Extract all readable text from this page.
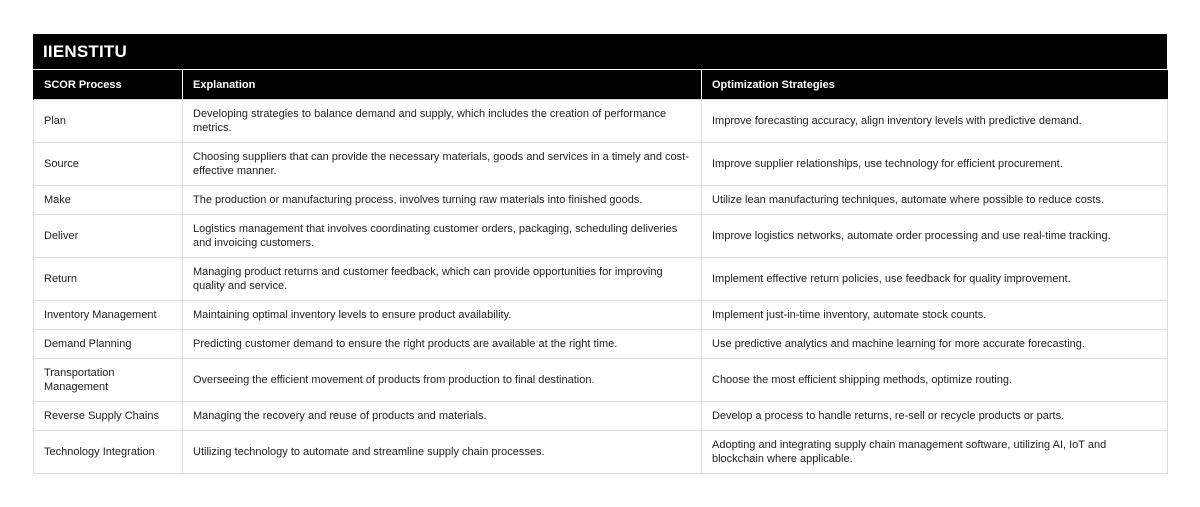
IIENSTITU
SCOR Process	Explanation	Optimization Strategies
Plan	Developing strategies to balance demand and supply, which includes the creation of performance metrics.	Improve forecasting accuracy, align inventory levels with predictive demand.
Source	Choosing suppliers that can provide the necessary materials, goods and services in a timely and cost-effective manner.	Improve supplier relationships, use technology for efficient procurement.
Make	The production or manufacturing process, involves turning raw materials into finished goods.	Utilize lean manufacturing techniques, automate where possible to reduce costs.
Deliver	Logistics management that involves coordinating customer orders, packaging, scheduling deliveries and invoicing customers.	Improve logistics networks, automate order processing and use real-time tracking.
Return	Managing product returns and customer feedback, which can provide opportunities for improving quality and service.	Implement effective return policies, use feedback for quality improvement.
Inventory Management	Maintaining optimal inventory levels to ensure product availability.	Implement just-in-time inventory, automate stock counts.
Demand Planning	Predicting customer demand to ensure the right products are available at the right time.	Use predictive analytics and machine learning for more accurate forecasting.
Transportation Management	Overseeing the efficient movement of products from production to final destination.	Choose the most efficient shipping methods, optimize routing.
Reverse Supply Chains	Managing the recovery and reuse of products and materials.	Develop a process to handle returns, re-sell or recycle products or parts.
Technology Integration	Utilizing technology to automate and streamline supply chain processes.	Adopting and integrating supply chain management software, utilizing AI, IoT and blockchain where applicable.
